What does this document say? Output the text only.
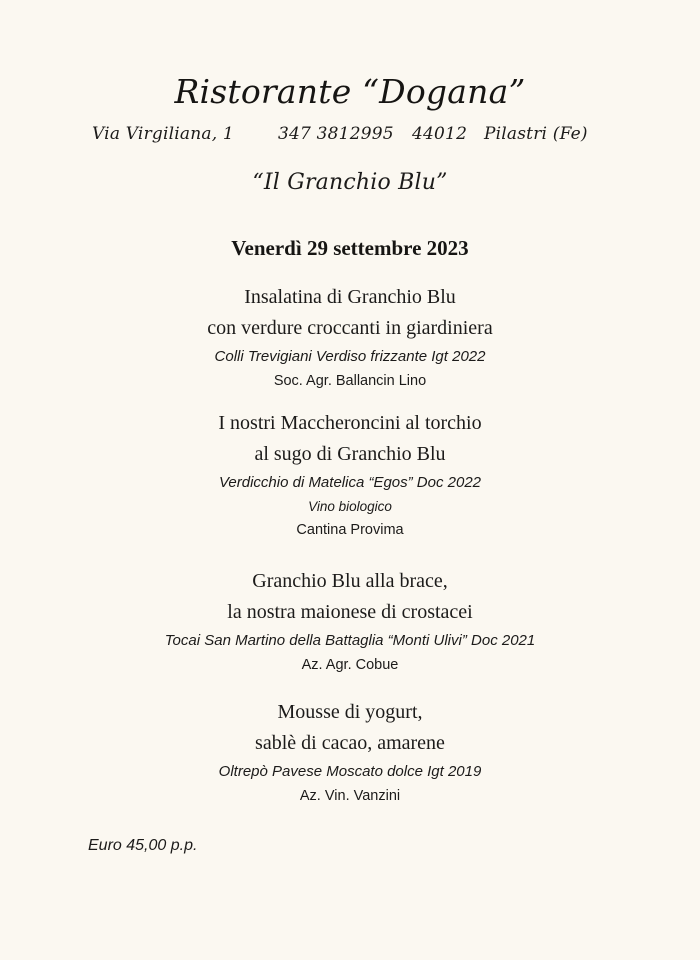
Ristorante “Dogana”
Via Virgiliana, 1	347 3812995 44012 Pilastri (Fe)
“Il Granchio Blu”
Venerdì 29 settembre 2023
Insalatina di Granchio Blu
con verdure croccanti in giardiniera
Colli Trevigiani Verdiso frizzante Igt 2022
Soc. Agr. Ballancin Lino
I nostri Maccheroncini al torchio
al sugo di Granchio Blu
Verdicchio di Matelica “Egos” Doc 2022
Vino biologico
Cantina Provima
Granchio Blu alla brace,
la nostra maionese di crostacei
Tocai San Martino della Battaglia “Monti Ulivi” Doc 2021
Az. Agr. Cobue
Mousse di yogurt,
sablè di cacao, amarene
Oltrepò Pavese Moscato dolce Igt 2019
Az. Vin. Vanzini
Euro 45,00 p.p.
